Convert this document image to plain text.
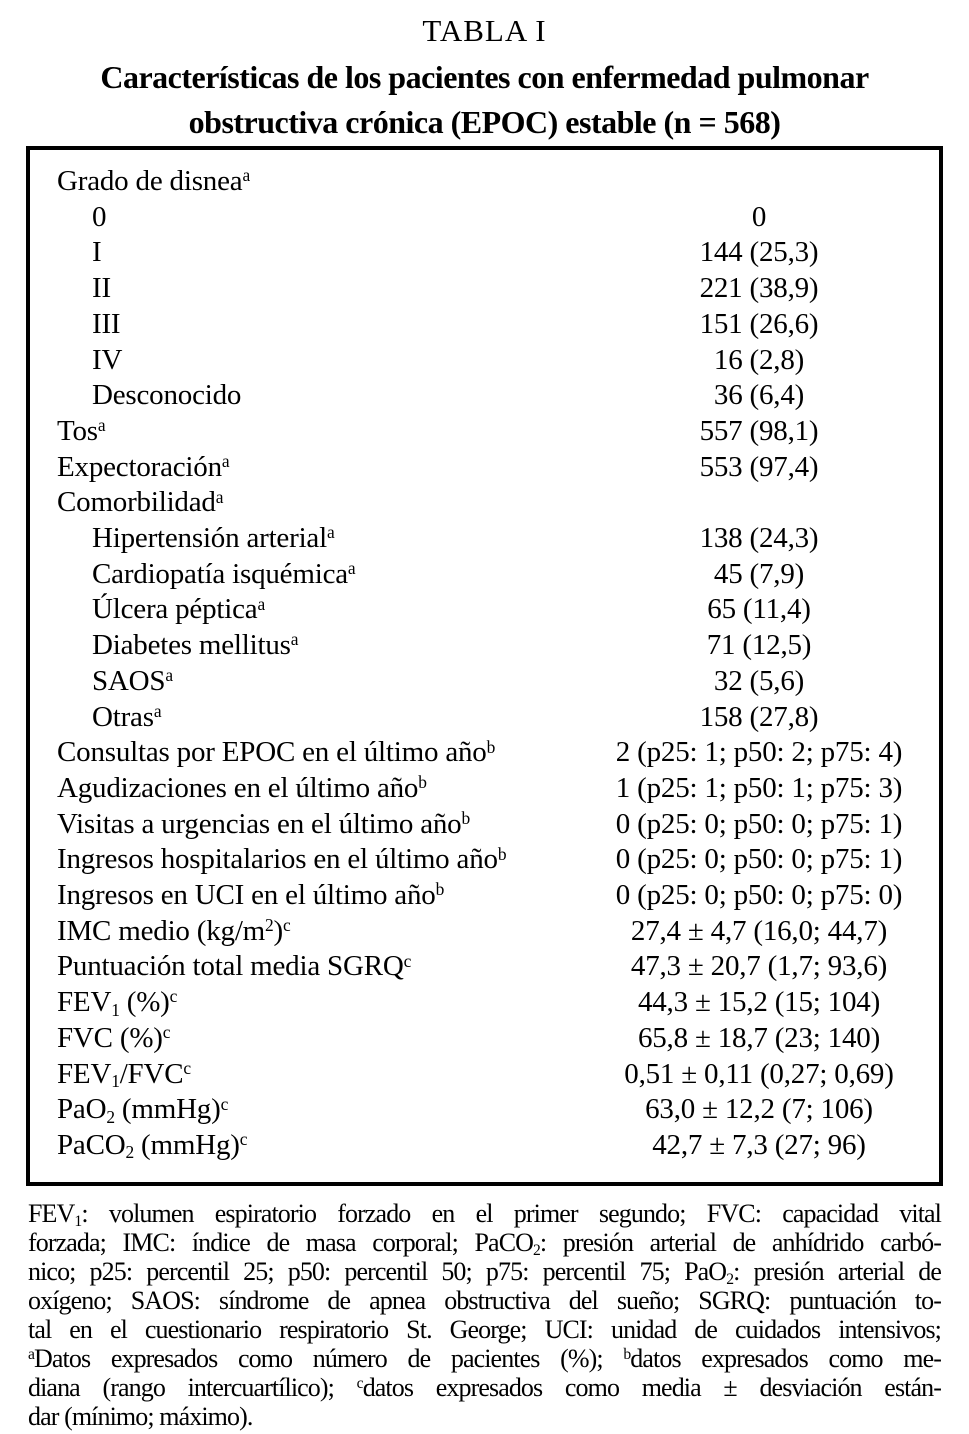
TABLA I
Características de los pacientes con enfermedad pulmonar
obstructiva crónica (EPOC) estable (n = 568)
Grado de disnea$^a$
0	0
I	144 (25,3)
II	221 (38,9)
III	151 (26,6)
IV	16 (2,8)
Desconocido	36 (6,4)
Tos$^a$	557 (98,1)
Expectoración$^a$	553 (97,4)
Comorbilidad$^a$
Hipertensión arterial$^a$	138 (24,3)
Cardiopatía isquémica$^a$	45 (7,9)
Úlcera péptica$^a$	65 (11,4)
Diabetes mellitus$^a$	71 (12,5)
SAOS$^a$	32 (5,6)
Otras$^a$	158 (27,8)
Consultas por EPOC en el último año$^b$	2 (p25: 1; p50: 2; p75: 4)
Agudizaciones en el último año$^b$	1 (p25: 1; p50: 1; p75: 3)
Visitas a urgencias en el último año$^b$	0 (p25: 0; p50: 0; p75: 1)
Ingresos hospitalarios en el último año$^b$	0 (p25: 0; p50: 0; p75: 1)
Ingresos en UCI en el último año$^b$	0 (p25: 0; p50: 0; p75: 0)
IMC medio $(kg/m^2)^c$	27,4 ± 4,7 (16,0; 44,7)
Puntuación total media SGRQ$^c$	47,3 ± 20,7 (1,7; 93,6)
$FEV_1$ (%)$^c$	44,3 ± 15,2 (15; 104)
FVC (%)$^c$	65,8 ± 18,7 (23; 140)
$FEV_1/FVC^c$	0,51 ± 0,11 (0,27; 0,69)
PaO$_2$ (mmHg)$^c$	63,0 ± 12,2 (7; 106)
PaCO$_2$ (mmHg)$^c$	42,7 ± 7,3 (27; 96)
$FEV_1$: volumen espiratorio forzado en el primer segundo; FVC: capacidad vital
forzada; IMC: índice de masa corporal; PaCO$_2$: presión arterial de anhídrido carbó-
nico; p25: percentil 25; p50: percentil 50; p75: percentil 75; PaO$_2$: presión arterial de
oxígeno; SAOS: síndrome de apnea obstructiva del sueño; SGRQ: puntuación to-
tal en el cuestionario respiratorio St. George; UCI: unidad de cuidados intensivos;
$^a$Datos expresados como número de pacientes (%); $^b$datos expresados como me-
diana (rango intercuartílico); $^c$datos expresados como media ± desviación están-
dar (mínimo; máximo).
